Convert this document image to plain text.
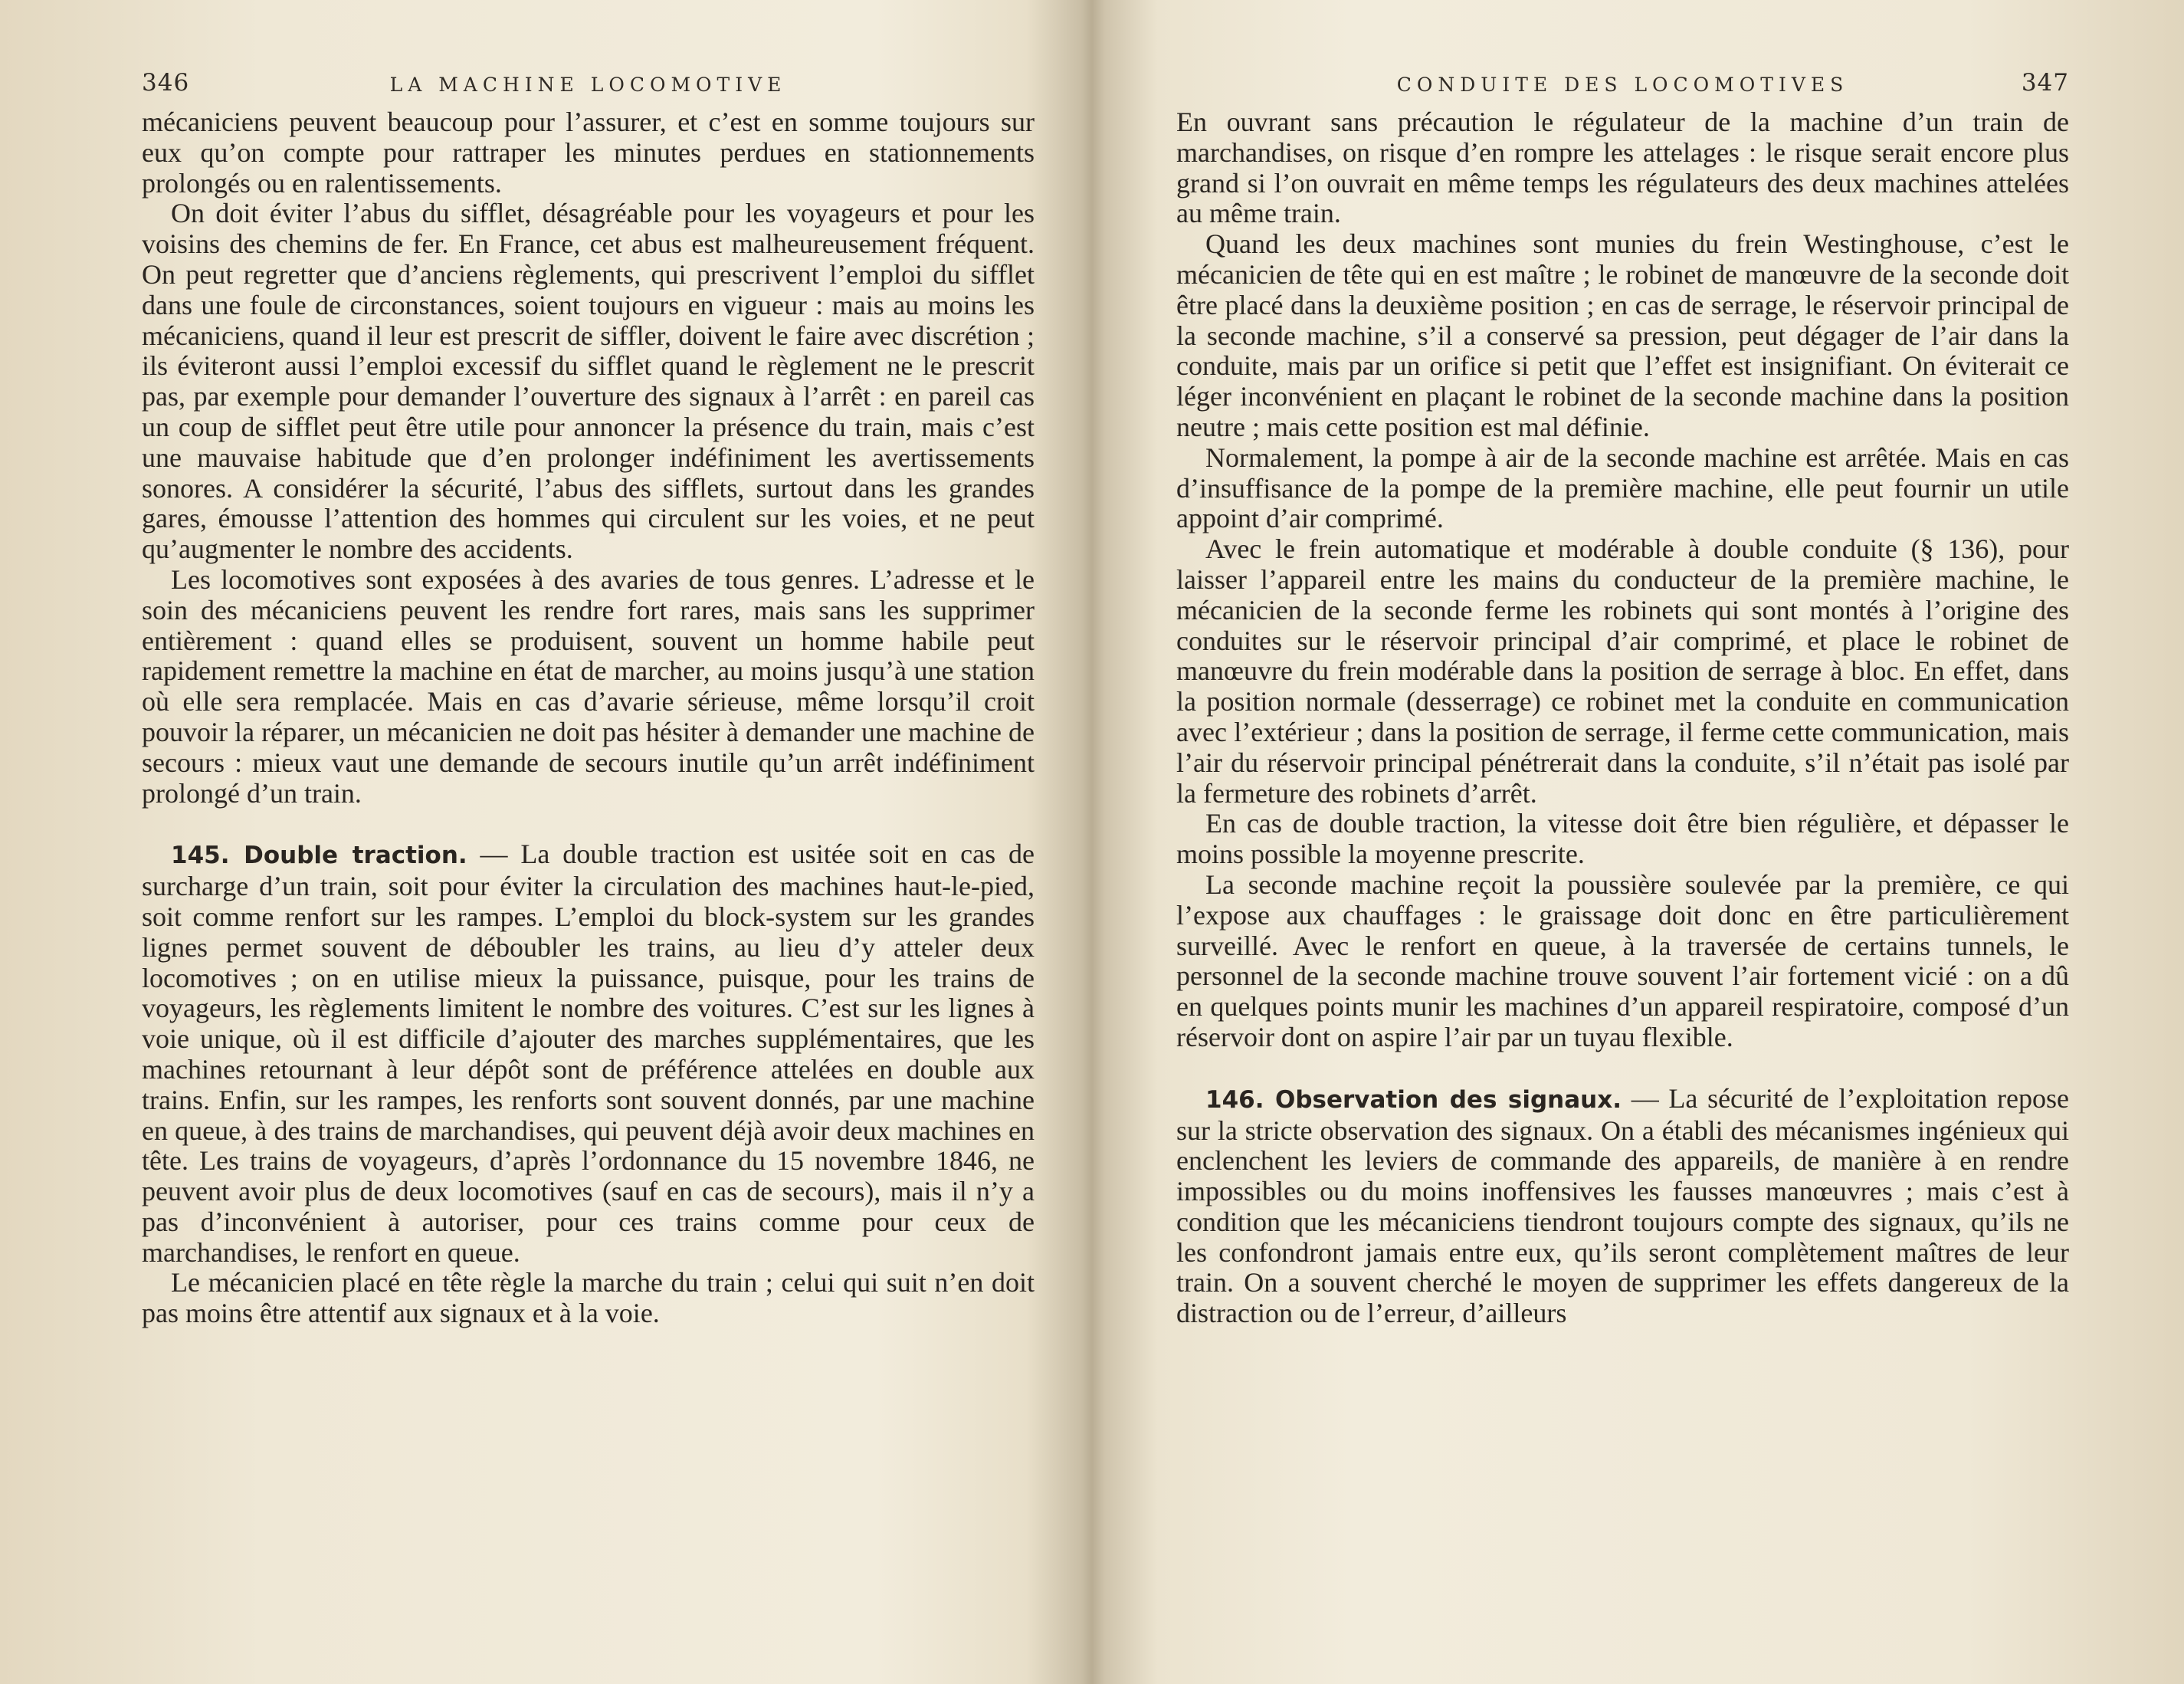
346	LA MACHINE LOCOMOTIVE

mécaniciens peuvent beaucoup pour l’assurer, et c’est en somme toujours sur eux qu’on compte pour rattraper les minutes perdues en stationnements prolongés ou en ralentissements.

On doit éviter l’abus du sifflet, désagréable pour les voyageurs et pour les voisins des chemins de fer. En France, cet abus est malheureusement fréquent. On peut regretter que d’anciens règlements, qui prescrivent l’emploi du sifflet dans une foule de circonstances, soient toujours en vigueur : mais au moins les mécaniciens, quand il leur est prescrit de siffler, doivent le faire avec discrétion ; ils éviteront aussi l’emploi excessif du sifflet quand le règlement ne le prescrit pas, par exemple pour demander l’ouverture des signaux à l’arrêt : en pareil cas un coup de sifflet peut être utile pour annoncer la présence du train, mais c’est une mauvaise habitude que d’en prolonger indéfiniment les avertissements sonores. A considérer la sécurité, l’abus des sifflets, surtout dans les grandes gares, émousse l’attention des hommes qui circulent sur les voies, et ne peut qu’augmenter le nombre des accidents.

Les locomotives sont exposées à des avaries de tous genres. L’adresse et le soin des mécaniciens peuvent les rendre fort rares, mais sans les supprimer entièrement : quand elles se produisent, souvent un homme habile peut rapidement remettre la machine en état de marcher, au moins jusqu’à une station où elle sera remplacée. Mais en cas d’avarie sérieuse, même lorsqu’il croit pouvoir la réparer, un mécanicien ne doit pas hésiter à demander une machine de secours : mieux vaut une demande de secours inutile qu’un arrêt indéfiniment prolongé d’un train.

145. Double traction. — La double traction est usitée soit en cas de surcharge d’un train, soit pour éviter la circulation des machines haut-le-pied, soit comme renfort sur les rampes. L’emploi du block-system sur les grandes lignes permet souvent de déboubler les trains, au lieu d’y atteler deux locomotives ; on en utilise mieux la puissance, puisque, pour les trains de voyageurs, les règlements limitent le nombre des voitures. C’est sur les lignes à voie unique, où il est difficile d’ajouter des marches supplémentaires, que les machines retournant à leur dépôt sont de préférence attelées en double aux trains. Enfin, sur les rampes, les renforts sont souvent donnés, par une machine en queue, à des trains de marchandises, qui peuvent déjà avoir deux machines en tête. Les trains de voyageurs, d’après l’ordonnance du 15 novembre 1846, ne peuvent avoir plus de deux locomotives (sauf en cas de secours), mais il n’y a pas d’inconvénient à autoriser, pour ces trains comme pour ceux de marchandises, le renfort en queue.

Le mécanicien placé en tête règle la marche du train ; celui qui suit n’en doit pas moins être attentif aux signaux et à la voie.

CONDUITE DES LOCOMOTIVES	347

En ouvrant sans précaution le régulateur de la machine d’un train de marchandises, on risque d’en rompre les attelages : le risque serait encore plus grand si l’on ouvrait en même temps les régulateurs des deux machines attelées au même train.

Quand les deux machines sont munies du frein Westinghouse, c’est le mécanicien de tête qui en est maître ; le robinet de manœuvre de la seconde doit être placé dans la deuxième position ; en cas de serrage, le réservoir principal de la seconde machine, s’il a conservé sa pression, peut dégager de l’air dans la conduite, mais par un orifice si petit que l’effet est insignifiant. On éviterait ce léger inconvénient en plaçant le robinet de la seconde machine dans la position neutre ; mais cette position est mal définie.

Normalement, la pompe à air de la seconde machine est arrêtée. Mais en cas d’insuffisance de la pompe de la première machine, elle peut fournir un utile appoint d’air comprimé.

Avec le frein automatique et modérable à double conduite (§ 136), pour laisser l’appareil entre les mains du conducteur de la première machine, le mécanicien de la seconde ferme les robinets qui sont montés à l’origine des conduites sur le réservoir principal d’air comprimé, et place le robinet de manœuvre du frein modérable dans la position de serrage à bloc. En effet, dans la position normale (desserrage) ce robinet met la conduite en communication avec l’extérieur ; dans la position de serrage, il ferme cette communication, mais l’air du réservoir principal pénétrerait dans la conduite, s’il n’était pas isolé par la fermeture des robinets d’arrêt.

En cas de double traction, la vitesse doit être bien régulière, et dépasser le moins possible la moyenne prescrite.

La seconde machine reçoit la poussière soulevée par la première, ce qui l’expose aux chauffages : le graissage doit donc en être particulièrement surveillé. Avec le renfort en queue, à la traversée de certains tunnels, le personnel de la seconde machine trouve souvent l’air fortement vicié : on a dû en quelques points munir les machines d’un appareil respiratoire, composé d’un réservoir dont on aspire l’air par un tuyau flexible.

146. Observation des signaux. — La sécurité de l’exploitation repose sur la stricte observation des signaux. On a établi des mécanismes ingénieux qui enclenchent les leviers de commande des appareils, de manière à en rendre impossibles ou du moins inoffensives les fausses manœuvres ; mais c’est à condition que les mécaniciens tiendront toujours compte des signaux, qu’ils ne les confondront jamais entre eux, qu’ils seront complètement maîtres de leur train. On a souvent cherché le moyen de supprimer les effets dangereux de la distraction ou de l’erreur, d’ailleurs
